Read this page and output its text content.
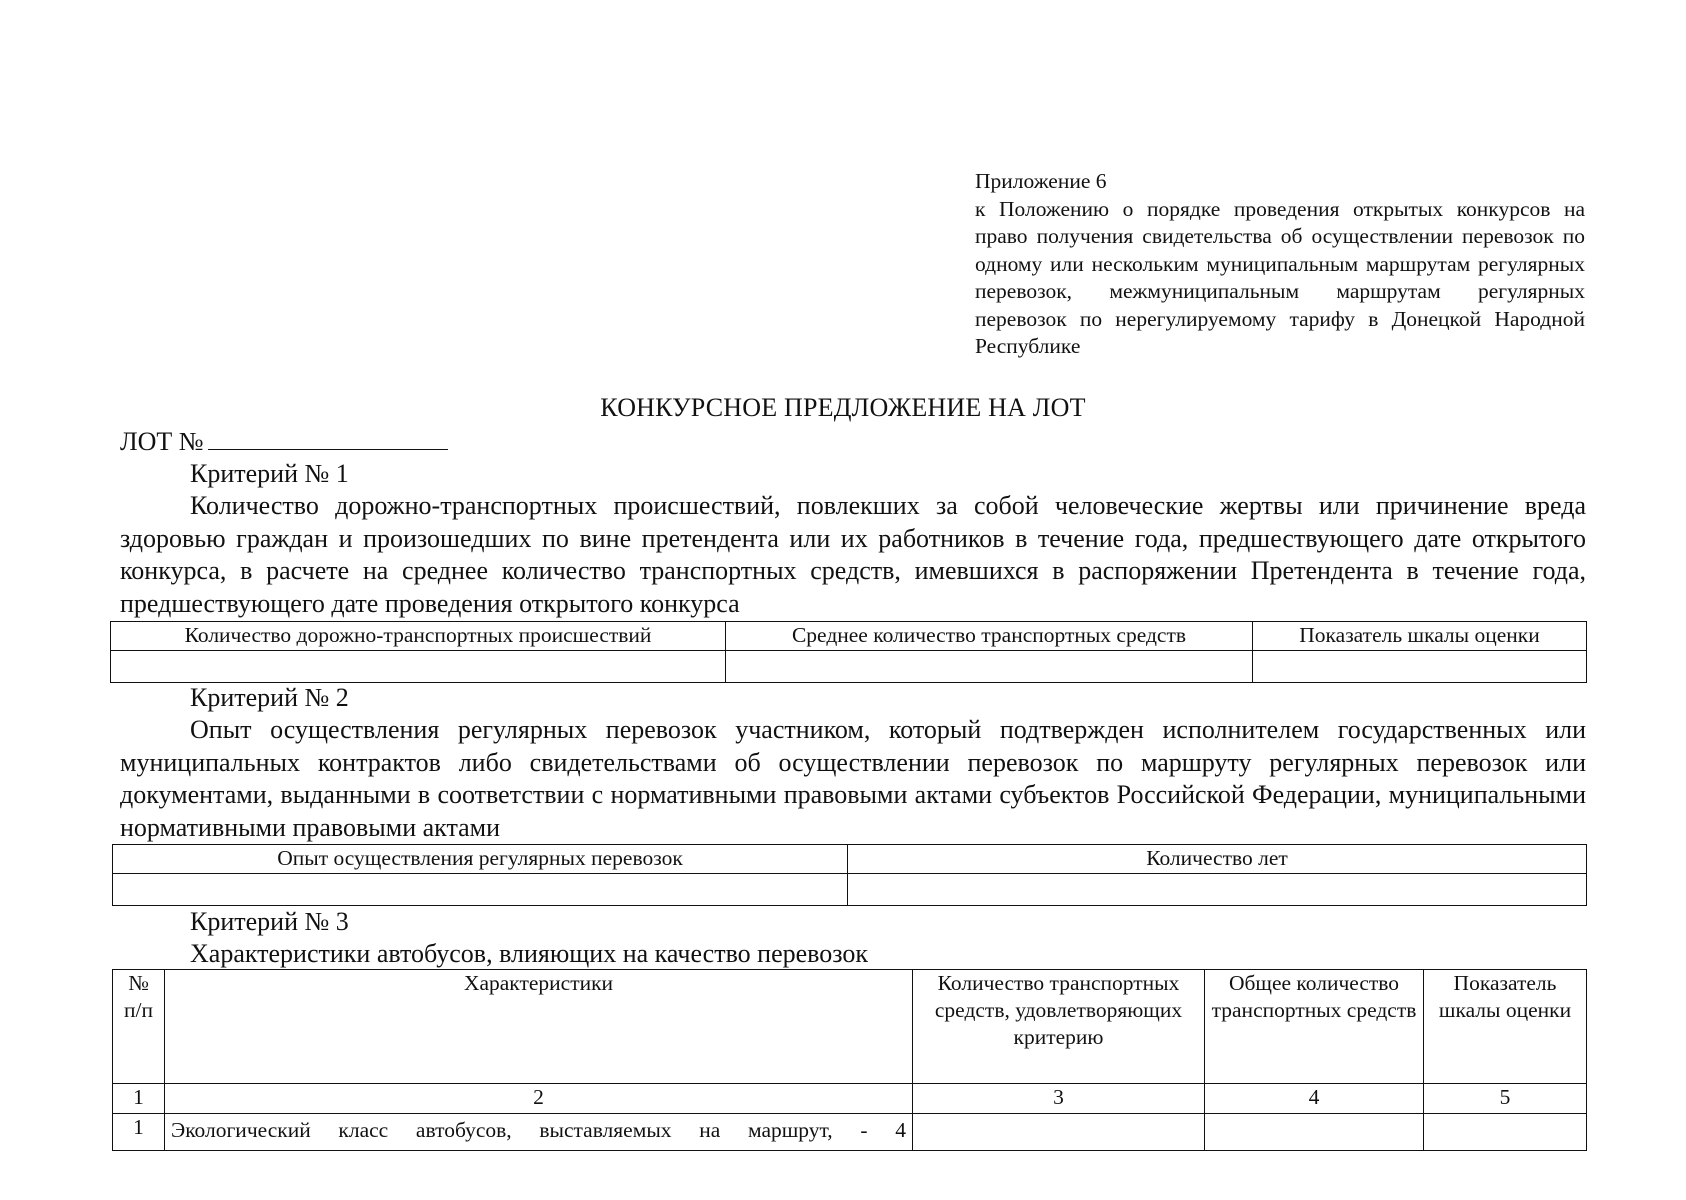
Приложение 6

к Положению о порядке проведения открытых конкурсов на право получения свидетельства об осуществлении перевозок по одному или нескольким муниципальным маршрутам регулярных перевозок, межмуниципальным маршрутам регулярных перевозок по нерегулируемому тарифу в Донецкой Народной Республике

КОНКУРСНОЕ ПРЕДЛОЖЕНИЕ НА ЛОТ
ЛОТ №

Критерий № 1

Количество дорожно-транспортных происшествий, повлекших за собой человеческие жертвы или причинение вреда здоровью граждан и произошедших по вине претендента или их работников в течение года, предшествующего дате открытого конкурса, в расчете на среднее количество транспортных средств, имевшихся в распоряжении Претендента в течение года, предшествующего дате проведения открытого конкурса

Количество дорожно-транспортных происшествий	Среднее количество транспортных средств	Показатель шкалы оценки

Критерий № 2

Опыт осуществления регулярных перевозок участником, который подтвержден исполнителем государственных или муниципальных контрактов либо свидетельствами об осуществлении перевозок по маршруту регулярных перевозок или документами, выданными в соответствии с нормативными правовыми актами субъектов Российской Федерации, муниципальными нормативными правовыми актами

Опыт осуществления регулярных перевозок	Количество лет

Критерий № 3

Характеристики автобусов, влияющих на качество перевозок

№ п/п	Характеристики	Количество транспортных средств, удовлетворяющих критерию	Общее количество транспортных средств	Показатель шкалы оценки
1	2	3	4	5
1	Экологический класс автобусов, выставляемых на маршрут, - 4			
